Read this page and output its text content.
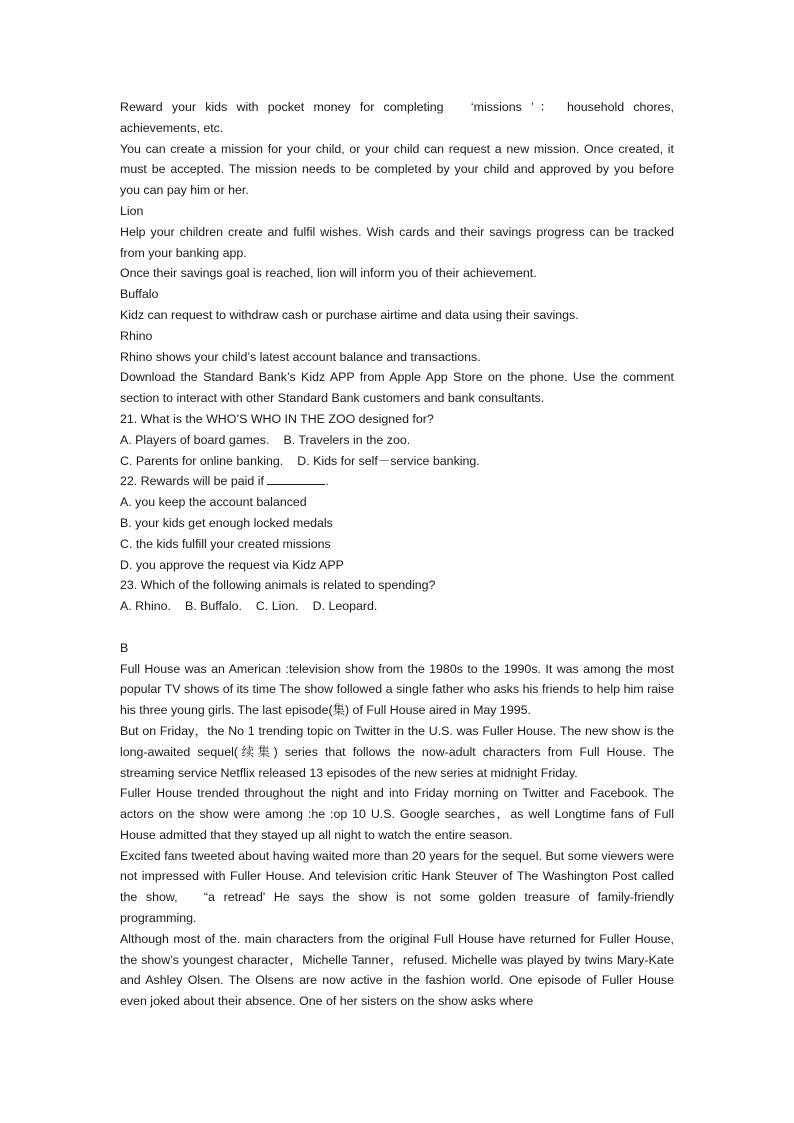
Reward your kids with pocket money for completing 　‘missions ’： household chores, achievements, etc.

You can create a mission for your child, or your child can request a new mission. Once created, it must be accepted. The mission needs to be completed by your child and approved by you before you can pay him or her.

Lion

Help your children create and fulfil wishes. Wish cards and their savings progress can be tracked from your banking app.

Once their savings goal is reached, lion will inform you of their achievement.

Buffalo

Kidz can request to withdraw cash or purchase airtime and data using their savings.

Rhino

Rhino shows your child’s latest account balance and transactions.

Download the Standard Bank’s Kidz APP from Apple App Store on the phone. Use the comment section to interact with other Standard Bank customers and bank consultants.

21. What is the WHO’S WHO IN THE ZOO designed for?

A. Players of board games. B. Travelers in the zoo.

C. Parents for online banking. D. Kids for self－service banking.

22. Rewards will be paid if	.

A. you keep the account balanced

B. your kids get enough locked medals

C. the kids fulfill your created missions

D. you approve the request via Kidz APP

23. Which of the following animals is related to spending?

A. Rhino. B. Buffalo. C. Lion. D. Leopard.

B

Full House was an American :television show from the 1980s to the 1990s. It was among the most popular TV shows of its time The show followed a single father who asks his friends to help him raise his three young girls. The last episode(集) of Full House aired in May 1995.

But on Friday，the No 1 trending topic on Twitter in the U.S. was Fuller House. The new show is the long-awaited sequel(续集) series that follows the now-adult characters from Full House. The streaming service Netflix released 13 episodes of the new series at midnight Friday.

Fuller House trended throughout the night and into Friday morning on Twitter and Facebook. The actors on the show were among :he :op 10 U.S. Google searches，as well Longtime fans of Full House admitted that they stayed up all night to watch the entire season.

Excited fans tweeted about having waited more than 20 years for the sequel. But some viewers were not impressed with Fuller House. And television critic Hank Steuver of The Washington Post called the show, 　“a retread' He says the show is not some golden treasure of family-friendly programming.

Although most of the. main characters from the original Full House have returned for Fuller House, the show’s youngest character，Michelle Tanner，refused. Michelle was played by twins Mary-Kate and Ashley Olsen. The Olsens are now active in the fashion world. One episode of Fuller House even joked about their absence. One of her sisters on the show asks where
